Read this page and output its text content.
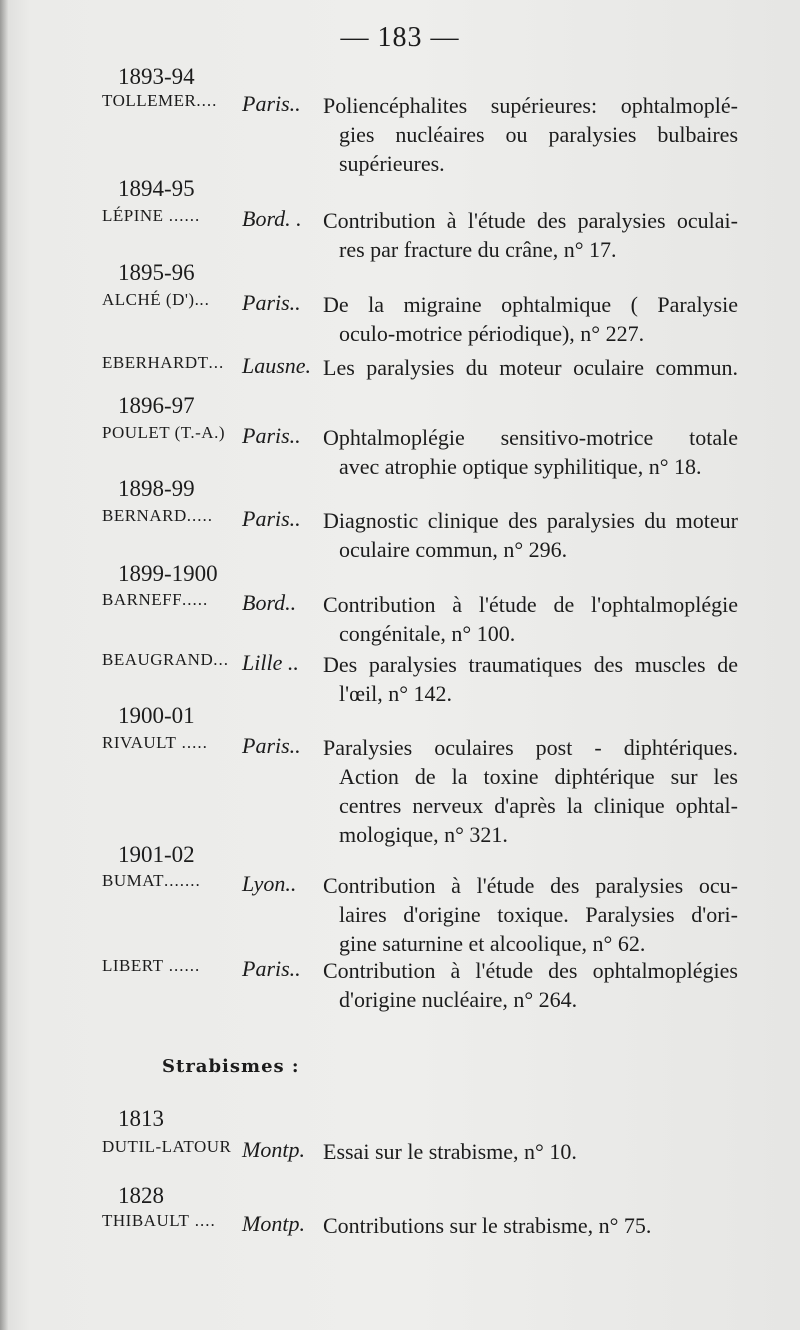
— 183 —
1893-94
TOLLEMER....	Paris.. Poliencéphalites supérieures: ophtalmoplé-
gies nucléaires ou paralysies bulbaires
supérieures.
1894-95
LÉPINE ......	Bord. . Contribution à l'étude des paralysies oculai-
res par fracture du crâne, n° 17.
1895-96
ALCHÉ (D')...	Paris.. De la migraine ophtalmique ( Paralysie
oculo-motrice périodique), n° 227.
EBERHARDT... Lausne. Les paralysies du moteur oculaire commun.
1896-97
POULET (T.-A.) Paris.. Ophtalmoplégie sensitivo-motrice totale
avec atrophie optique syphilitique, n° 18.
1898-99
BERNARD.....	Paris.. Diagnostic clinique des paralysies du moteur
oculaire commun, n° 296.
1899-1900
BARNEFF.....	Bord.. Contribution à l'étude de l'ophtalmoplégie
congénitale, n° 100.
BEAUGRAND... Lille .. Des paralysies traumatiques des muscles de
l'œil, n° 142.
1900-01
RIVAULT .....	Paris.. Paralysies oculaires post - diphtériques.
Action de la toxine diphtérique sur les
centres nerveux d'après la clinique ophtal-
mologique, n° 321.
1901-02
BUMAT.......	Lyon.. Contribution à l'étude des paralysies ocu-
laires d'origine toxique. Paralysies d'ori-
gine saturnine et alcoolique, n° 62.
LIBERT ......	Paris.. Contribution à l'étude des ophtalmoplégies
d'origine nucléaire, n° 264.
Strabismes :
1813
DUTIL-LATOUR Montp. Essai sur le strabisme, n° 10.
1828
THIBAULT ....	Montp. Contributions sur le strabisme, n° 75.
